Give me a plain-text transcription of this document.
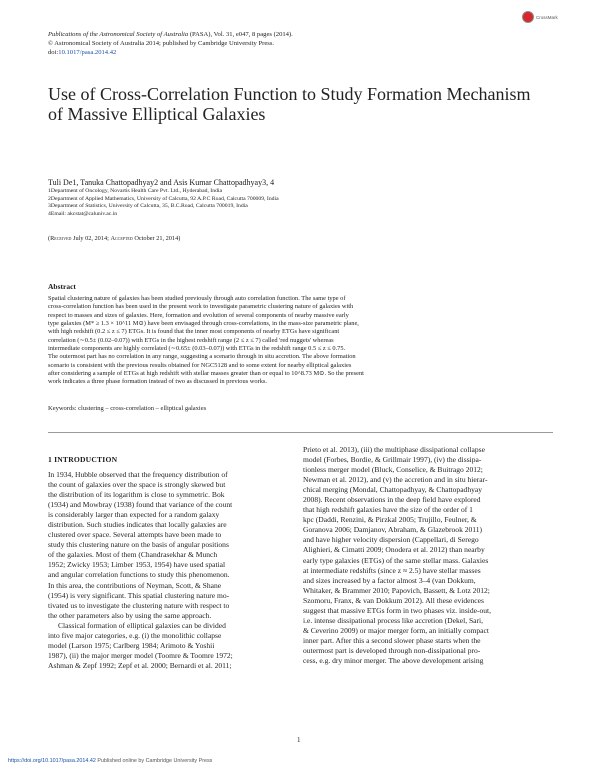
Publications of the Astronomical Society of Australia (PASA), Vol. 31, e047, 8 pages (2014).
© Astronomical Society of Australia 2014; published by Cambridge University Press.
doi:10.1017/pasa.2014.42
CrossMark
Use of Cross-Correlation Function to Study Formation Mechanism of Massive Elliptical Galaxies
Tuli De1, Tanuka Chattopadhyay2 and Asis Kumar Chattopadhyay3, 4
1Department of Oncology, Novartis Health Care Pvt. Ltd., Hyderabad, India
2Department of Applied Mathematics, University of Calcutta, 92 A.P.C Road, Calcutta 700009, India
3Department of Statistics, University of Calcutta, 35, B.C.Road, Calcutta 700019, India
4Email: akcstat@caluniv.ac.in
(Received July 02, 2014; Accepted October 21, 2014)
Abstract

Spatial clustering nature of galaxies has been studied previously through auto correlation function. The same type of

cross-correlation function has been used in the present work to investigate parametric clustering nature of galaxies with

respect to masses and sizes of galaxies. Here, formation and evolution of several components of nearby massive early

type galaxies (M* ≥ 1.3 × 10^11 M⊙) have been envisaged through cross-correlations, in the mass-size parametric plane,

with high redshift (0.2 ≤ z ≤ 7) ETGs. It is found that the inner most components of nearby ETGs have significant

correlation (∼0.5± (0.02–0.07)) with ETGs in the highest redshift range (2 ≤ z ≤ 7) called 'red nuggets' whereas

intermediate components are highly correlated (∼0.65± (0.03–0.07)) with ETGs in the redshift range 0.5 ≤ z ≤ 0.75.

The outermost part has no correlation in any range, suggesting a scenario through in situ accretion. The above formation

scenario is consistent with the previous results obtained for NGC5128 and to some extent for nearby elliptical galaxies

after considering a sample of ETGs at high redshift with stellar masses greater than or equal to 10^8.73 M⊙. So the present

work indicates a three phase formation instead of two as discussed in previous works.

Keywords: clustering – cross-correlation – elliptical galaxies
1 INTRODUCTION

In 1934, Hubble observed that the frequency distribution of

the count of galaxies over the space is strongly skewed but

the distribution of its logarithm is close to symmetric. Bok

(1934) and Mowbray (1938) found that variance of the count

is considerably larger than expected for a random galaxy

distribution. Such studies indicates that locally galaxies are

clustered over space. Several attempts have been made to

study this clustering nature on the basis of angular positions

of the galaxies. Most of them (Chandrasekhar & Munch

1952; Zwicky 1953; Limber 1953, 1954) have used spatial

and angular correlation functions to study this phenomenon.

In this area, the contributions of Neyman, Scott, & Shane

(1954) is very significant. This spatial clustering nature mo-

tivated us to investigate the clustering nature with respect to

the other parameters also by using the same approach.

Classical formation of elliptical galaxies can be divided

into five major categories, e.g. (i) the monolithic collapse

model (Larson 1975; Carlberg 1984; Arimoto & Yoshii

1987), (ii) the major merger model (Toomre & Toomre 1972;

Ashman & Zepf 1992; Zepf et al. 2000; Bernardi et al. 2011;

Prieto et al. 2013), (iii) the multiphase dissipational collapse

model (Forbes, Bordie, & Grillmair 1997), (iv) the dissipa-

tionless merger model (Bluck, Conselice, & Buitrago 2012;

Newman et al. 2012), and (v) the accretion and in situ hierar-

chical merging (Mondal, Chattopadhyay, & Chattopadhyay

2008). Recent observations in the deep field have explored

that high redshift galaxies have the size of the order of 1

kpc (Daddi, Renzini, & Pirzkal 2005; Trujillo, Feulner, &

Goranova 2006; Damjanov, Abraham, & Glazebrook 2011)

and have higher velocity dispersion (Cappellari, di Serego

Alighieri, & Cimatti 2009; Onodera et al. 2012) than nearby

early type galaxies (ETGs) of the same stellar mass. Galaxies

at intermediate redshifts (since z ≈ 2.5) have stellar masses

and sizes increased by a factor almost 3–4 (van Dokkum,

Whitaker, & Brammer 2010; Papovich, Bassett, & Lotz 2012;

Szomoru, Franx, & van Dokkum 2012). All these evidences

suggest that massive ETGs form in two phases viz. inside-out,

i.e. intense dissipational process like accretion (Dekel, Sari,

& Ceverino 2009) or major merger form, an initially compact

inner part. After this a second slower phase starts when the

outermost part is developed through non-dissipational pro-

cess, e.g. dry minor merger. The above development arising

1
https://doi.org/10.1017/pasa.2014.42 Published online by Cambridge University Press
